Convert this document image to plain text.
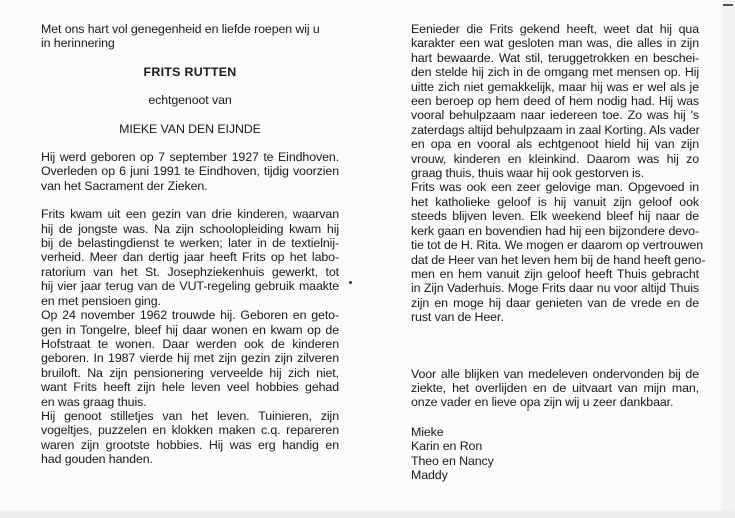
Met ons hart vol genegenheid en liefde roepen wij u
in herinnering
FRITS RUTTEN
echtgenoot van
MIEKE VAN DEN EIJNDE

Hij werd geboren op 7 september 1927 te Eindhoven.
Overleden op 6 juni 1991 te Eindhoven, tijdig voorzien
van het Sacrament der Zieken.

Frits kwam uit een gezin van drie kinderen, waarvan
hij de jongste was. Na zijn schoolopleiding kwam hij
bij de belastingdienst te werken; later in de textielnij-
verheid. Meer dan dertig jaar heeft Frits op het labo-
ratorium van het St. Josephziekenhuis gewerkt, tot
hij vier jaar terug van de VUT-regeling gebruik maakte
en met pensioen ging.

Op 24 november 1962 trouwde hij. Geboren en geto-
gen in Tongelre, bleef hij daar wonen en kwam op de
Hofstraat te wonen. Daar werden ook de kinderen
geboren. In 1987 vierde hij met zijn gezin zijn zilveren
bruiloft. Na zijn pensionering verveelde hij zich niet,
want Frits heeft zijn hele leven veel hobbies gehad
en was graag thuis.

Hij genoot stilletjes van het leven. Tuinieren, zijn
vogeltjes, puzzelen en klokken maken c.q. repareren
waren zijn grootste hobbies. Hij was erg handig en
had gouden handen.

Eenieder die Frits gekend heeft, weet dat hij qua
karakter een wat gesloten man was, die alles in zijn
hart bewaarde. Wat stil, teruggetrokken en beschei-
den stelde hij zich in de omgang met mensen op. Hij
uitte zich niet gemakkelijk, maar hij was er wel als je
een beroep op hem deed of hem nodig had. Hij was
vooral behulpzaam naar iedereen toe. Zo was hij 's
zaterdags altijd behulpzaam in zaal Korting. Als vader
en opa en vooral als echtgenoot hield hij van zijn
vrouw, kinderen en kleinkind. Daarom was hij zo
graag thuis, thuis waar hij ook gestorven is.

Frits was ook een zeer gelovige man. Opgevoed in
het katholieke geloof is hij vanuit zijn geloof ook
steeds blijven leven. Elk weekend bleef hij naar de
kerk gaan en bovendien had hij een bijzondere devo-
tie tot de H. Rita. We mogen er daarom op vertrouwen
dat de Heer van het leven hem bij de hand heeft geno-
men en hem vanuit zijn geloof heeft Thuis gebracht
in Zijn Vaderhuis. Moge Frits daar nu voor altijd Thuis
zijn en moge hij daar genieten van de vrede en de
rust van de Heer.

Voor alle blijken van medeleven ondervonden bij de
ziekte, het overlijden en de uitvaart van mijn man,
onze vader en lieve opa zijn wij u zeer dankbaar.

Mieke
Karin en Ron
Theo en Nancy
Maddy
